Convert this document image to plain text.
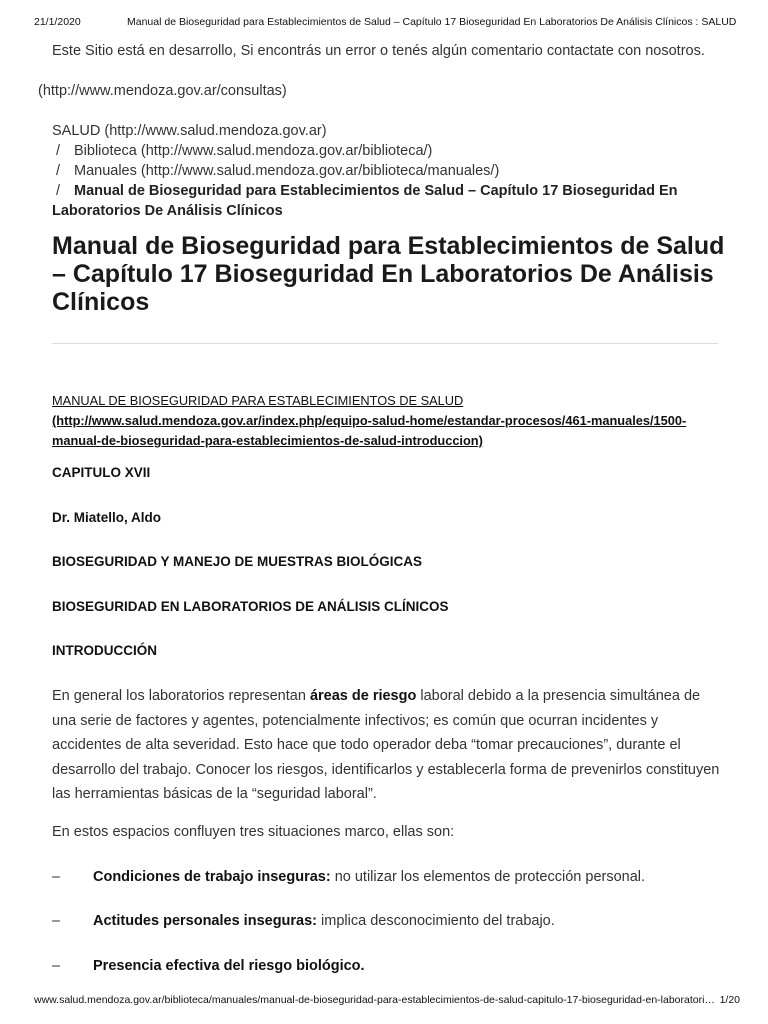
21/1/2020	Manual de Bioseguridad para Establecimientos de Salud – Capítulo 17 Bioseguridad En Laboratorios De Análisis Clínicos : SALUD
Este Sitio está en desarrollo, Si encontrás un error o tenés algún comentario contactate con nosotros.
(http://www.mendoza.gov.ar/consultas)
SALUD (http://www.salud.mendoza.gov.ar)
/ Biblioteca (http://www.salud.mendoza.gov.ar/biblioteca/)
/ Manuales (http://www.salud.mendoza.gov.ar/biblioteca/manuales/)
/ Manual de Bioseguridad para Establecimientos de Salud – Capítulo 17 Bioseguridad En Laboratorios De Análisis Clínicos
Manual de Bioseguridad para Establecimientos de Salud – Capítulo 17 Bioseguridad En Laboratorios De Análisis Clínicos
MANUAL DE BIOSEGURIDAD PARA ESTABLECIMIENTOS DE SALUD
(http://www.salud.mendoza.gov.ar/index.php/equipo-salud-home/estandar-procesos/461-manuales/1500-manual-de-bioseguridad-para-establecimientos-de-salud-introduccion)
CAPITULO XVII
Dr. Miatello, Aldo
BIOSEGURIDAD Y MANEJO DE MUESTRAS BIOLÓGICAS
BIOSEGURIDAD EN LABORATORIOS DE ANÁLISIS CLÍNICOS
INTRODUCCIÓN

En general los laboratorios representan áreas de riesgo laboral debido a la presencia simultánea de una serie de factores y agentes, potencialmente infectivos; es común que ocurran incidentes y accidentes de alta severidad. Esto hace que todo operador deba “tomar precauciones”, durante el desarrollo del trabajo. Conocer los riesgos, identificarlos y establecerla forma de prevenirlos constituyen las herramientas básicas de la “seguridad laboral”.

En estos espacios confluyen tres situaciones marco, ellas son:

– Condiciones de trabajo inseguras: no utilizar los elementos de protección personal.
– Actitudes personales inseguras: implica desconocimiento del trabajo.
– Presencia efectiva del riesgo biológico.
www.salud.mendoza.gov.ar/biblioteca/manuales/manual-de-bioseguridad-para-establecimientos-de-salud-capitulo-17-bioseguridad-en-laboratori… 1/20
